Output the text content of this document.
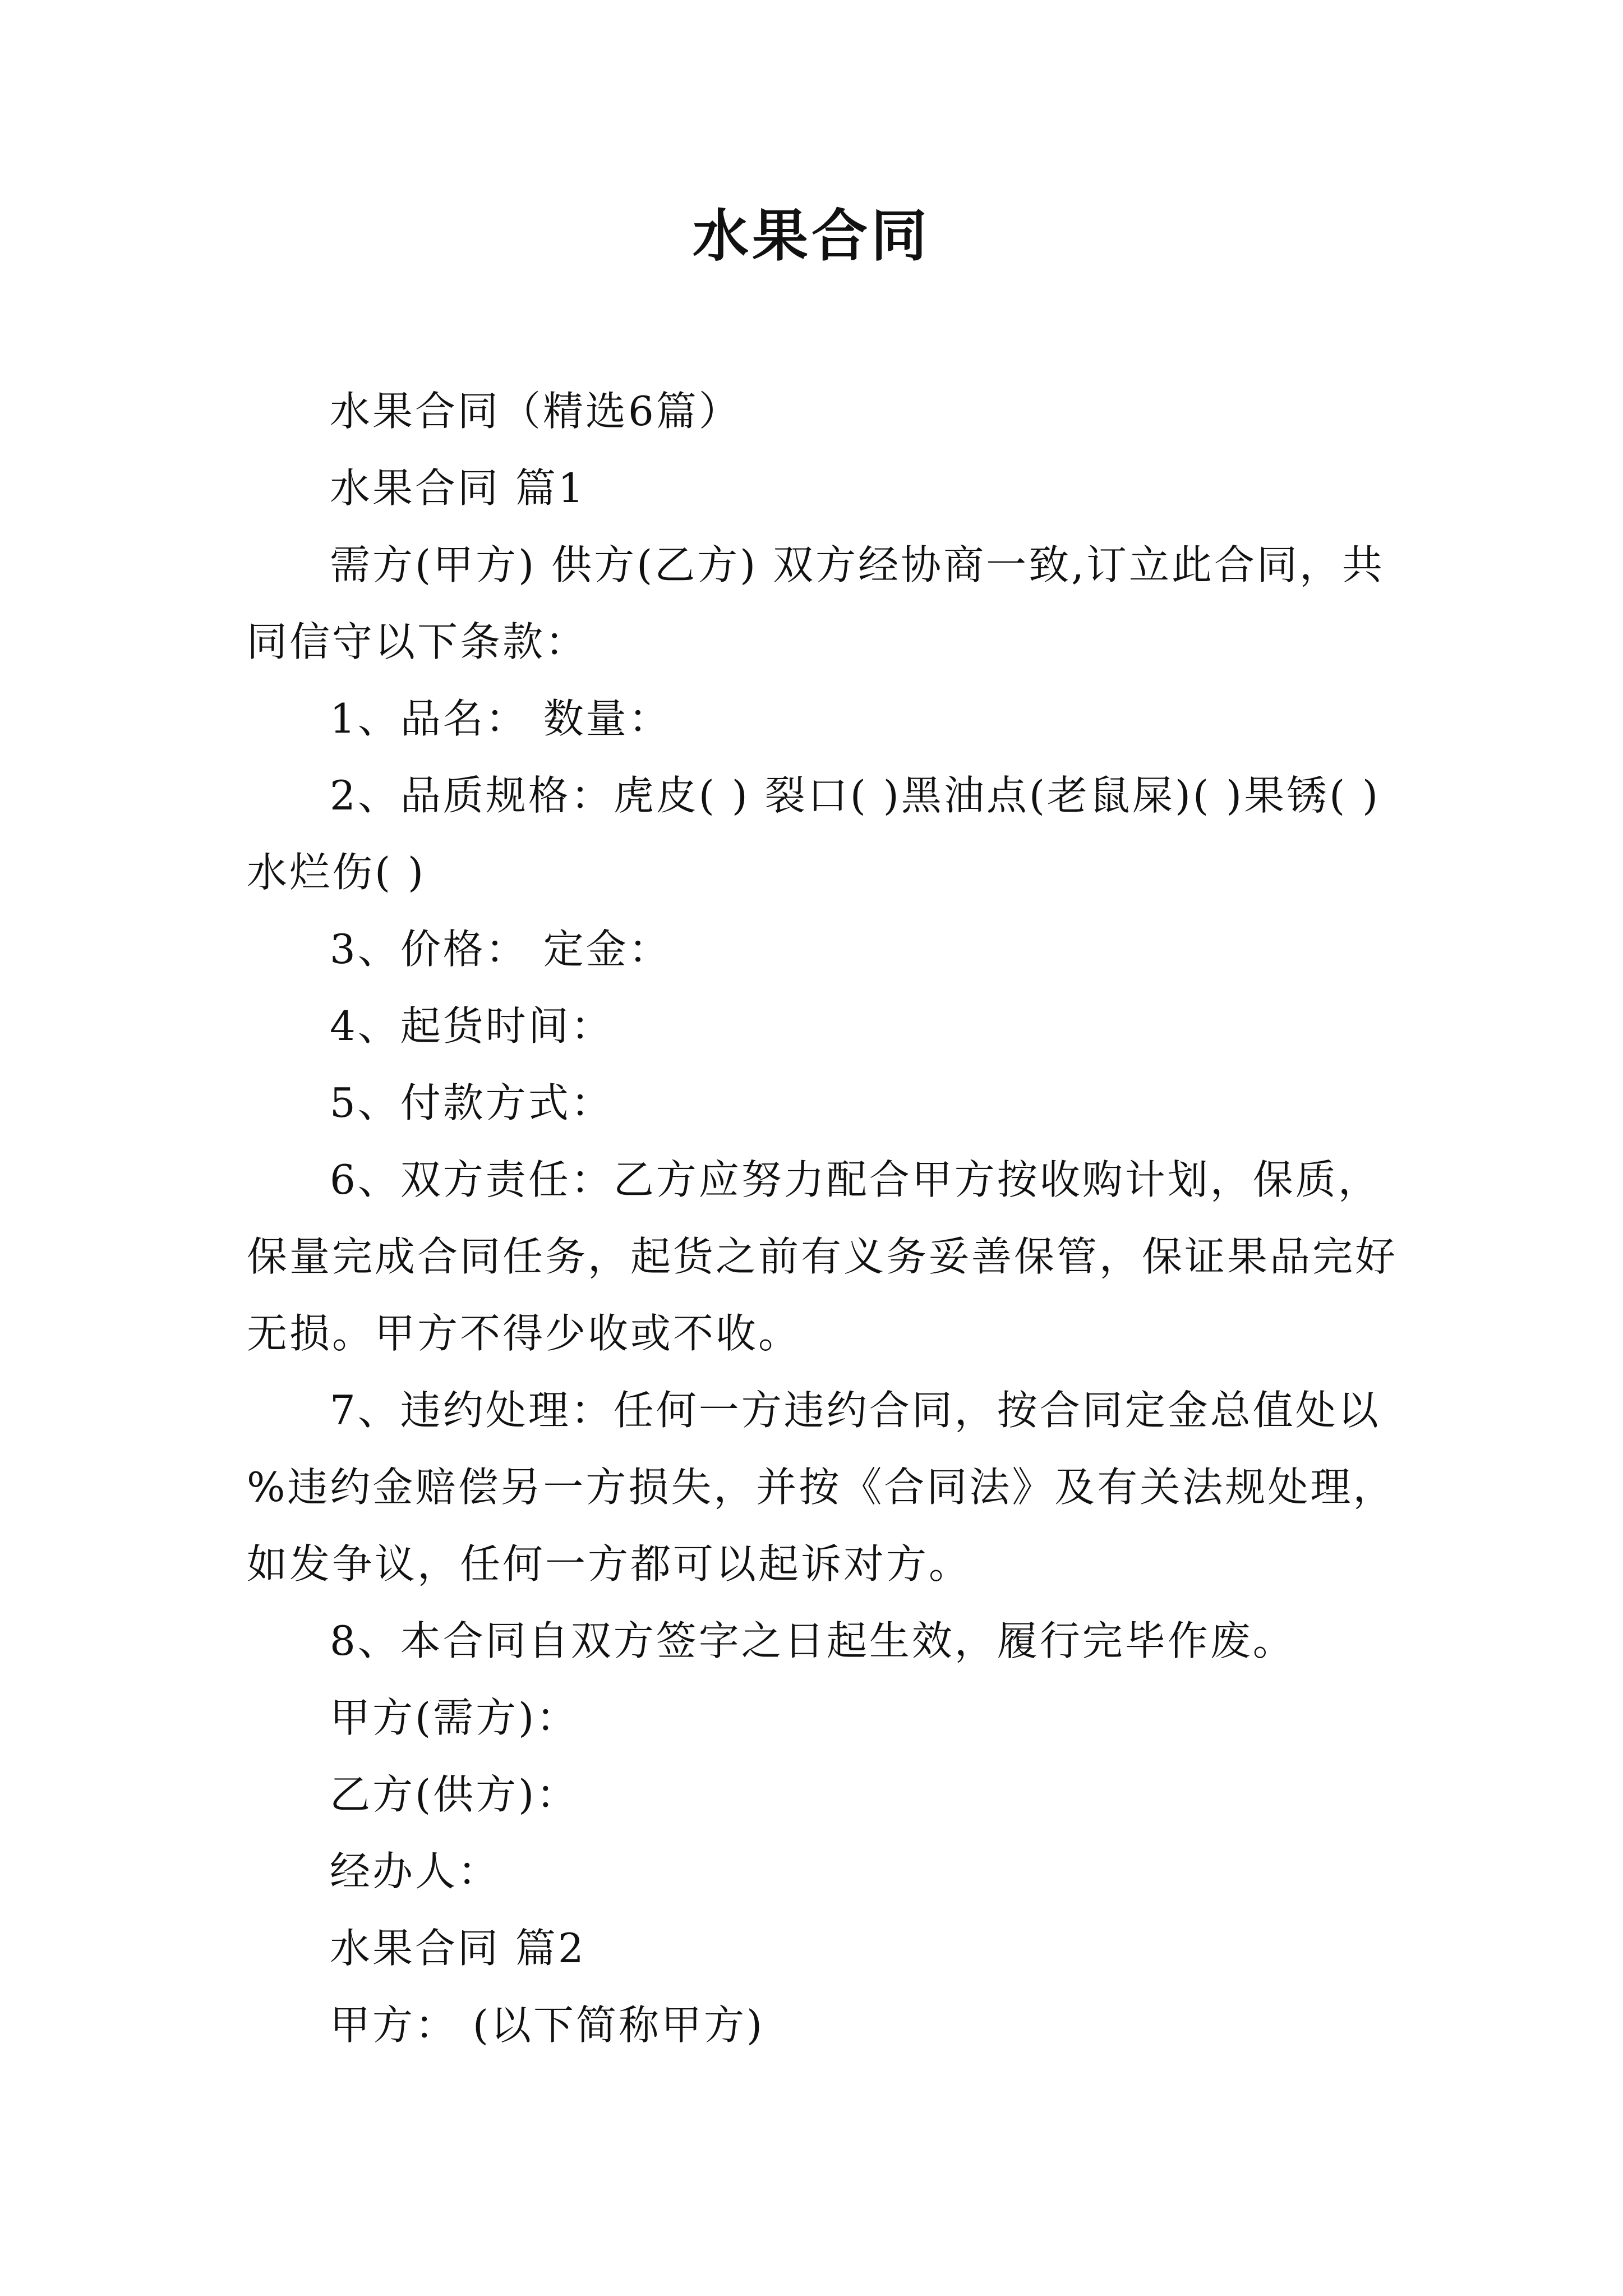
水果合同

水果合同（精选6篇）

水果合同 篇1

需方(甲方) 供方(乙方) 双方经协商一致,订立此合同，共同信守以下条款：

1、品名： 数量：

2、品质规格：虎皮( ) 裂口( )黑油点(老鼠屎)( )果锈( ) 水烂伤( )

3、价格： 定金：

4、起货时间：

5、付款方式：

6、双方责任：乙方应努力配合甲方按收购计划，保质，保量完成合同任务，起货之前有义务妥善保管，保证果品完好无损。甲方不得少收或不收。

7、违约处理：任何一方违约合同，按合同定金总值处以 %违约金赔偿另一方损失，并按《合同法》及有关法规处理，如发争议，任何一方都可以起诉对方。

8、本合同自双方签字之日起生效，履行完毕作废。

甲方(需方)：

乙方(供方)：

经办人：

水果合同 篇2

甲方： (以下简称甲方)
